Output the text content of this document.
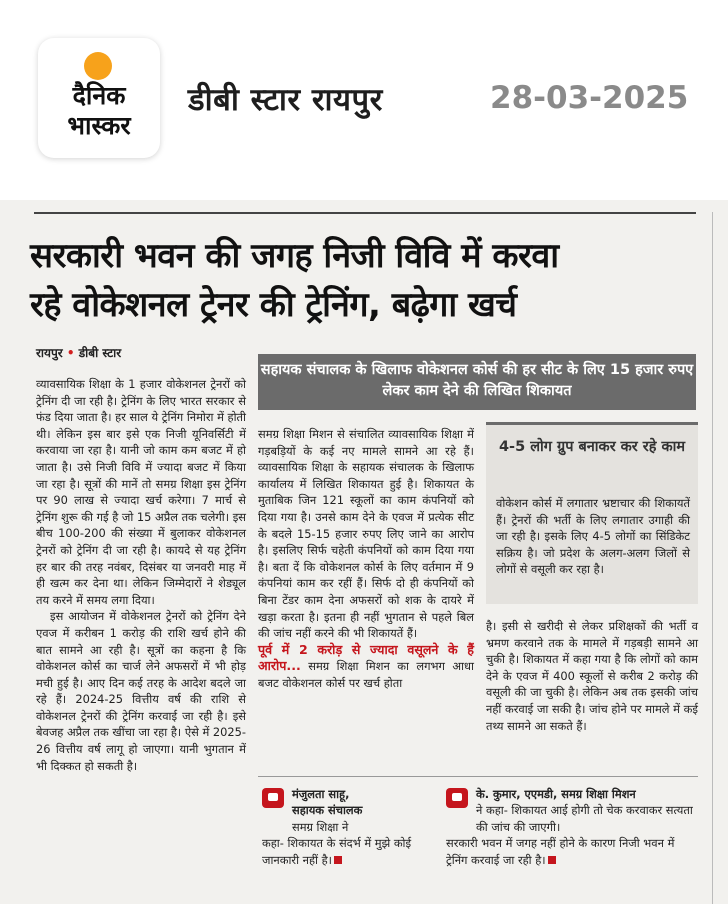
दैनिक
भास्कर
डीबी स्टार रायपुर	28-03-2025
सरकारी भवन की जगह निजी विवि में करवा
रहे वोकेशनल ट्रेनर की ट्रेनिंग, बढ़ेगा खर्च
रायपुर • डीबी स्टार

व्यावसायिक शिक्षा के 1 हजार वोकेशनल ट्रेनरों को ट्रेनिंग दी जा रही है। ट्रेनिंग के लिए भारत सरकार से फंड दिया जाता है। हर साल ये ट्रेनिंग निमोरा में होती थी। लेकिन इस बार इसे एक निजी यूनिवर्सिटी में करवाया जा रहा है। यानी जो काम कम बजट में हो जाता है। उसे निजी विवि में ज्यादा बजट में किया जा रहा है। सूत्रों की मानें तो समग्र शिक्षा इस ट्रेनिंग पर 90 लाख से ज्यादा खर्च करेगा। 7 मार्च से ट्रेनिंग शुरू की गई है जो 15 अप्रैल तक चलेगी। इस बीच 100-200 की संख्या में बुलाकर वोकेशनल ट्रेनरों को ट्रेनिंग दी जा रही है। कायदे से यह ट्रेनिंग हर बार की तरह नवंबर, दिसंबर या जनवरी माह में ही खत्म कर देना था। लेकिन जिम्मेदारों ने शेड्यूल तय करने में समय लगा दिया।

इस आयोजन में वोकेशनल ट्रेनरों को ट्रेनिंग देने एवज में करीबन 1 करोड़ की राशि खर्च होने की बात सामने आ रही है। सूत्रों का कहना है कि वोकेशनल कोर्स का चार्ज लेने अफसरों में भी होड़ मची हुई है। आए दिन कई तरह के आदेश बदले जा रहे हैं। 2024-25 वित्तीय वर्ष की राशि से वोकेशनल ट्रेनरों की ट्रेनिंग करवाई जा रही है। इसे बेवजह अप्रैल तक खींचा जा रहा है। ऐसे में 2025-26 वित्तीय वर्ष लागू हो जाएगा। यानी भुगतान में भी दिक्कत हो सकती है।

सहायक संचालक के खिलाफ वोकेशनल कोर्स की हर सीट के लिए 15 हजार रुपए लेकर काम देने की लिखित शिकायत

समग्र शिक्षा मिशन से संचालित व्यावसायिक शिक्षा में गड़बड़ियों के कई नए मामले सामने आ रहे हैं। व्यावसायिक शिक्षा के सहायक संचालक के खिलाफ कार्यालय में लिखित शिकायत हुई है। शिकायत के मुताबिक जिन 121 स्कूलों का काम कंपनियों को दिया गया है। उनसे काम देने के एवज में प्रत्येक सीट के बदले 15-15 हजार रुपए लिए जाने का आरोप है। इसलिए सिर्फ चहेती कंपनियों को काम दिया गया है। बता दें कि वोकेशनल कोर्स के लिए वर्तमान में 9 कंपनियां काम कर रहीं हैं। सिर्फ दो ही कंपनियों को बिना टेंडर काम देना अफसरों को शक के दायरे में खड़ा करता है। इतना ही नहीं भुगतान से पहले बिल की जांच नहीं करने की भी शिकायतें हैं।

पूर्व में 2 करोड़ से ज्यादा वसूलने के हैं आरोप... समग्र शिक्षा मिशन का लगभग आधा बजट वोकेशनल कोर्स पर खर्च होता

4-5 लोग ग्रुप बनाकर कर रहे काम
वोकेशन कोर्स में लगातार भ्रष्टाचार की शिकायतें हैं। ट्रेनरों की भर्ती के लिए लगातार उगाही की जा रही है। इसके लिए 4-5 लोगों का सिंडिकेट सक्रिय है। जो प्रदेश के अलग-अलग जिलों से लोगों से वसूली कर रहा है।

है। इसी से खरीदी से लेकर प्रशिक्षकों की भर्ती व भ्रमण करवाने तक के मामले में गड़बड़ी सामने आ चुकी है। शिकायत में कहा गया है कि लोगों को काम देने के एवज में 400 स्कूलों से करीब 2 करोड़ की वसूली की जा चुकी है। लेकिन अब तक इसकी जांच नहीं करवाई जा सकी है। जांच होने पर मामले में कई तथ्य सामने आ सकते हैं।

मंजुलता साहू,
सहायक संचालक
समग्र शिक्षा ने
कहा- शिकायत के संदर्भ में मुझे कोई जानकारी नहीं है।
के. कुमार, एएमडी, समग्र शिक्षा मिशन
ने कहा- शिकायत आई होगी तो चेक करवाकर सत्यता की जांच की जाएगी।
सरकारी भवन में जगह नहीं होने के कारण निजी भवन में ट्रेनिंग करवाई जा रही है।
